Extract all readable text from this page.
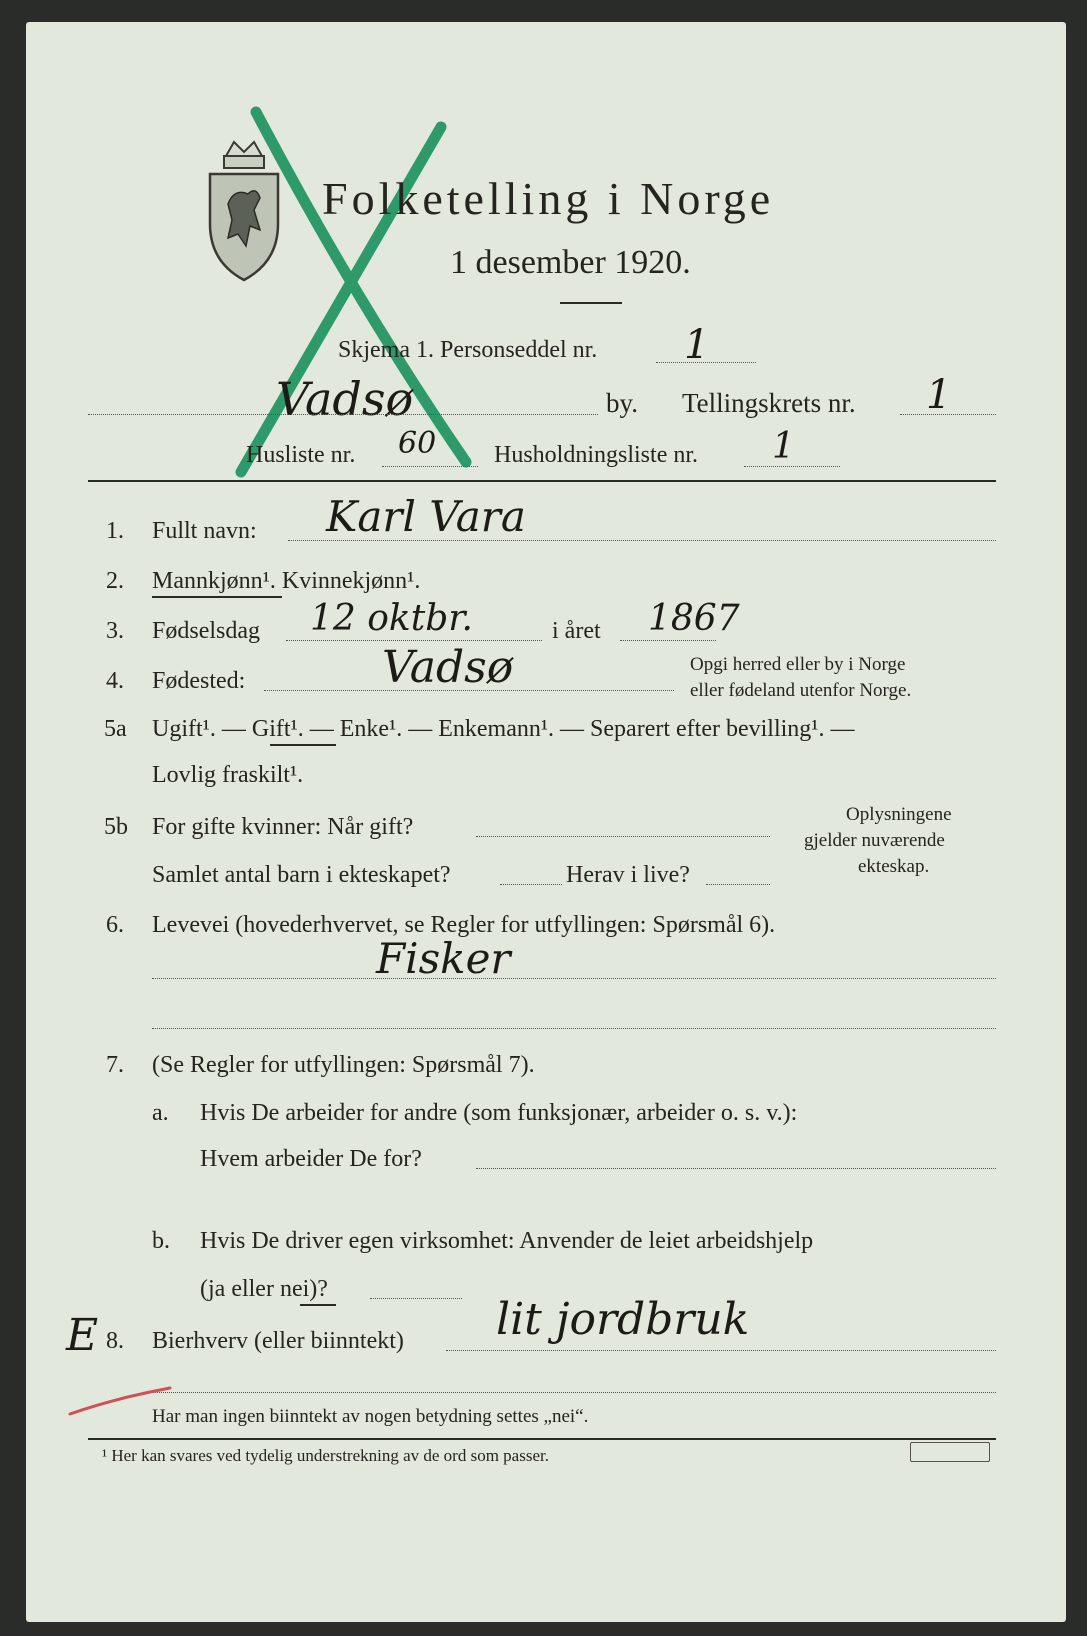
Folketelling i Norge
1 desember 1920.
Skjema 1. Personseddel nr. 1
Vadsø	by. Tellingskrets nr. 1
Husliste nr. 60 Husholdningsliste nr. 1
1. Fullt navn: Karl Vara
2. Mannkjønn¹. Kvinnekjønn¹.
3. Fødselsdag 12 oktbr.	i året 1867
4. Fødested:	Vadsø	Opgi herred eller by i Norge
eller fødeland utenfor Norge.
5a Ugift¹. — Gift¹. — Enke¹. — Enkemann¹. — Separert efter bevilling¹. —
Lovlig fraskilt¹.
5b For gifte kvinner: Når gift?
Samlet antal barn i ekteskapet?	Herav i live?
Oplysningene
gjelder nuværende
ekteskap.
6. Levevei (hovederhvervet, se Regler for utfyllingen: Spørsmål 6).
Fisker
7. (Se Regler for utfyllingen: Spørsmål 7).
a. Hvis De arbeider for andre (som funksjonær, arbeider o. s. v.):
Hvem arbeider De for?
b. Hvis De driver egen virksomhet: Anvender de leiet arbeidshjelp
(ja eller nei)?
E 8. Bierhverv (eller biinntekt) lit jordbruk
Har man ingen biinntekt av nogen betydning settes „nei“.
¹ Her kan svares ved tydelig understrekning av de ord som passer.
